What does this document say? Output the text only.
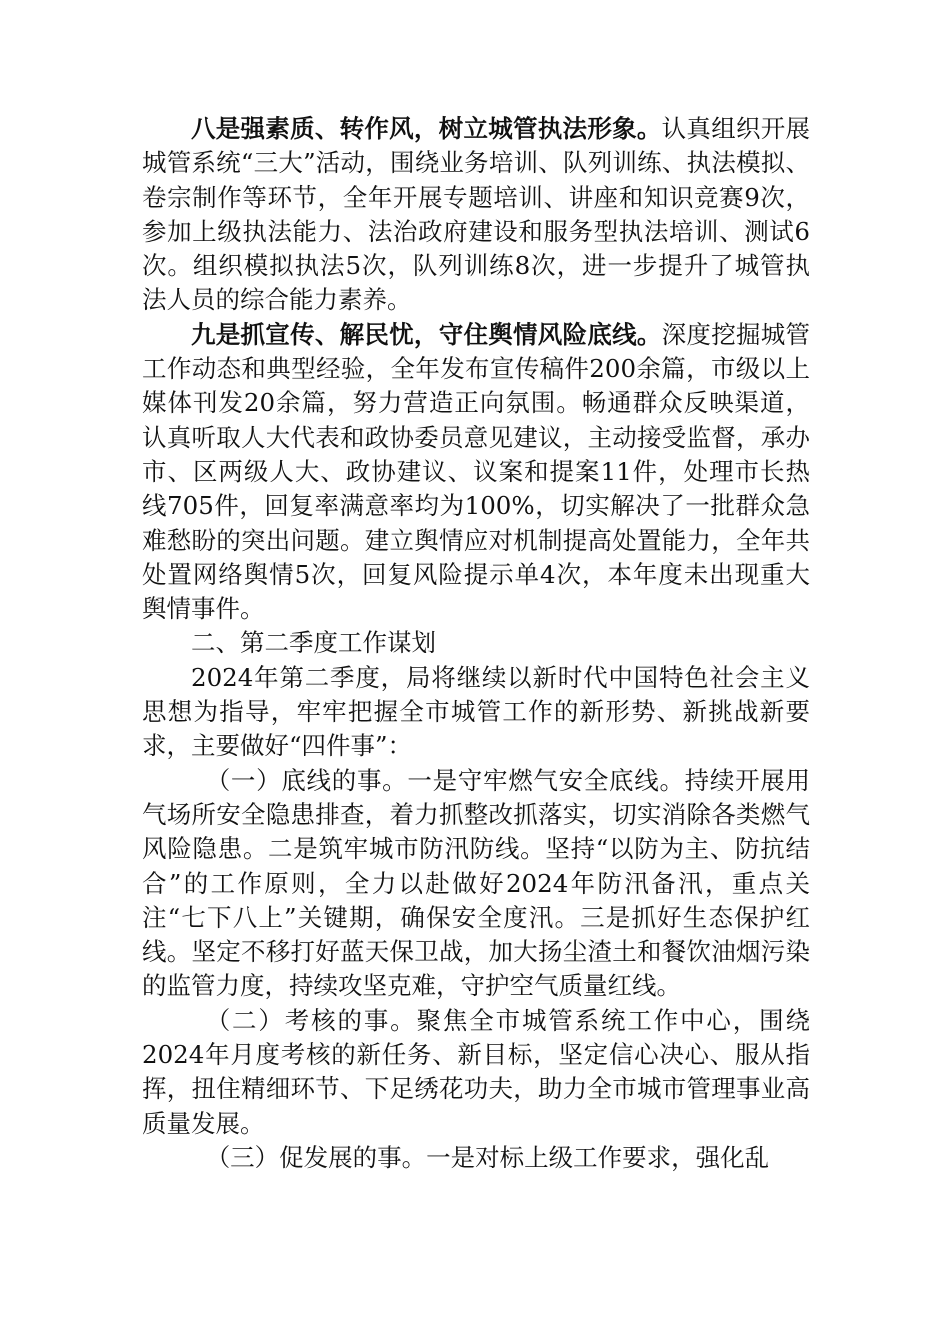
八是强素质、转作风，树立城管执法形象。认真组织开展城管系统“三大”活动，围绕业务培训、队列训练、执法模拟、卷宗制作等环节，全年开展专题培训、讲座和知识竞赛9次，参加上级执法能力、法治政府建设和服务型执法培训、测试6次。组织模拟执法5次，队列训练8次，进一步提升了城管执法人员的综合能力素养。

九是抓宣传、解民忧，守住舆情风险底线。深度挖掘城管工作动态和典型经验，全年发布宣传稿件200余篇，市级以上媒体刊发20余篇，努力营造正向氛围。畅通群众反映渠道，认真听取人大代表和政协委员意见建议，主动接受监督，承办市、区两级人大、政协建议、议案和提案11件，处理市长热线705件，回复率满意率均为100%，切实解决了一批群众急难愁盼的突出问题。建立舆情应对机制提高处置能力，全年共处置网络舆情5次，回复风险提示单4次，本年度未出现重大舆情事件。

二、第二季度工作谋划

2024年第二季度，局将继续以新时代中国特色社会主义思想为指导，牢牢把握全市城管工作的新形势、新挑战新要求，主要做好“四件事”：

（一）底线的事。一是守牢燃气安全底线。持续开展用气场所安全隐患排查，着力抓整改抓落实，切实消除各类燃气风险隐患。二是筑牢城市防汛防线。坚持“以防为主、防抗结合”的工作原则，全力以赴做好2024年防汛备汛，重点关注“七下八上”关键期，确保安全度汛。三是抓好生态保护红线。坚定不移打好蓝天保卫战，加大扬尘渣土和餐饮油烟污染的监管力度，持续攻坚克难，守护空气质量红线。

（二）考核的事。聚焦全市城管系统工作中心，围绕2024年月度考核的新任务、新目标，坚定信心决心、服从指挥，扭住精细环节、下足绣花功夫，助力全市城市管理事业高质量发展。

（三）促发展的事。一是对标上级工作要求，强化乱
